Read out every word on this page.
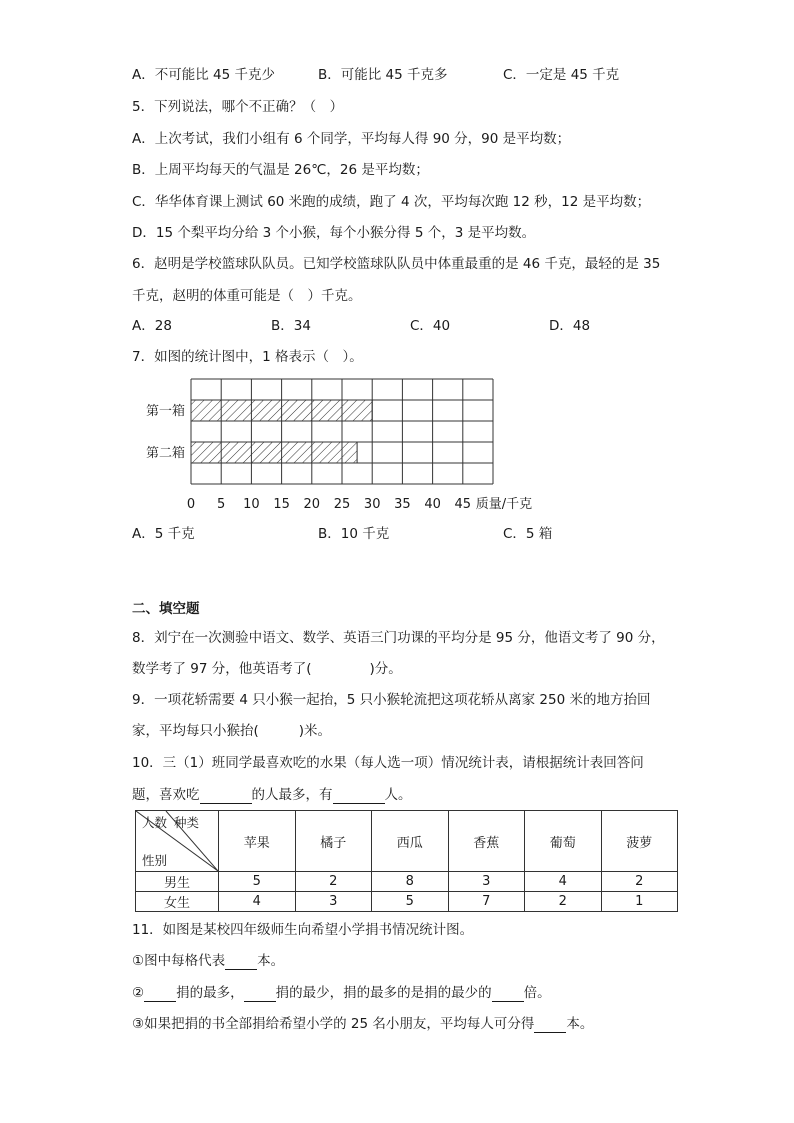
A．不可能比 45 千克少	B．可能比 45 千克多	C．一定是 45 千克
5．下列说法，哪个不正确？（　）
A．上次考试，我们小组有 6 个同学，平均每人得 90 分，90 是平均数；
B．上周平均每天的气温是 26℃，26 是平均数；
C．华华体育课上测试 60 米跑的成绩，跑了 4 次，平均每次跑 12 秒，12 是平均数；
D．15 个梨平均分给 3 个小猴，每个小猴分得 5 个，3 是平均数。
6．赵明是学校篮球队队员。已知学校篮球队队员中体重最重的是 46 千克，最轻的是 35
千克，赵明的体重可能是（　）千克。
A．28	B．34	C．40	D．48
7．如图的统计图中，1 格表示（　）。
第一箱
第二箱
0 5 10 15 20 25 30 35 40 45 质量/千克
A．5 千克	B．10 千克	C．5 箱
二、填空题
8．刘宁在一次测验中语文、数学、英语三门功课的平均分是 95 分，他语文考了 90 分，
数学考了 97 分，他英语考了(	)分。
9．一项花轿需要 4 只小猴一起抬，5 只小猴轮流把这项花轿从离家 250 米的地方抬回
家，平均每只小猴抬(	)米。
10．三（1）班同学最喜欢吃的水果（每人选一项）情况统计表，请根据统计表回答问
题，喜欢吃	的人最多，有	人。
人数 种类
性别	苹果	橘子	西瓜	香蕉	葡萄	菠萝
男生	5	2	8	3	4	2
女生	4	3	5	7	2	1
11．如图是某校四年级师生向希望小学捐书情况统计图。
①图中每格代表 本。
② 捐的最多， 捐的最少，捐的最多的是捐的最少的 倍。
③如果把捐的书全部捐给希望小学的 25 名小朋友，平均每人可分得 本。
